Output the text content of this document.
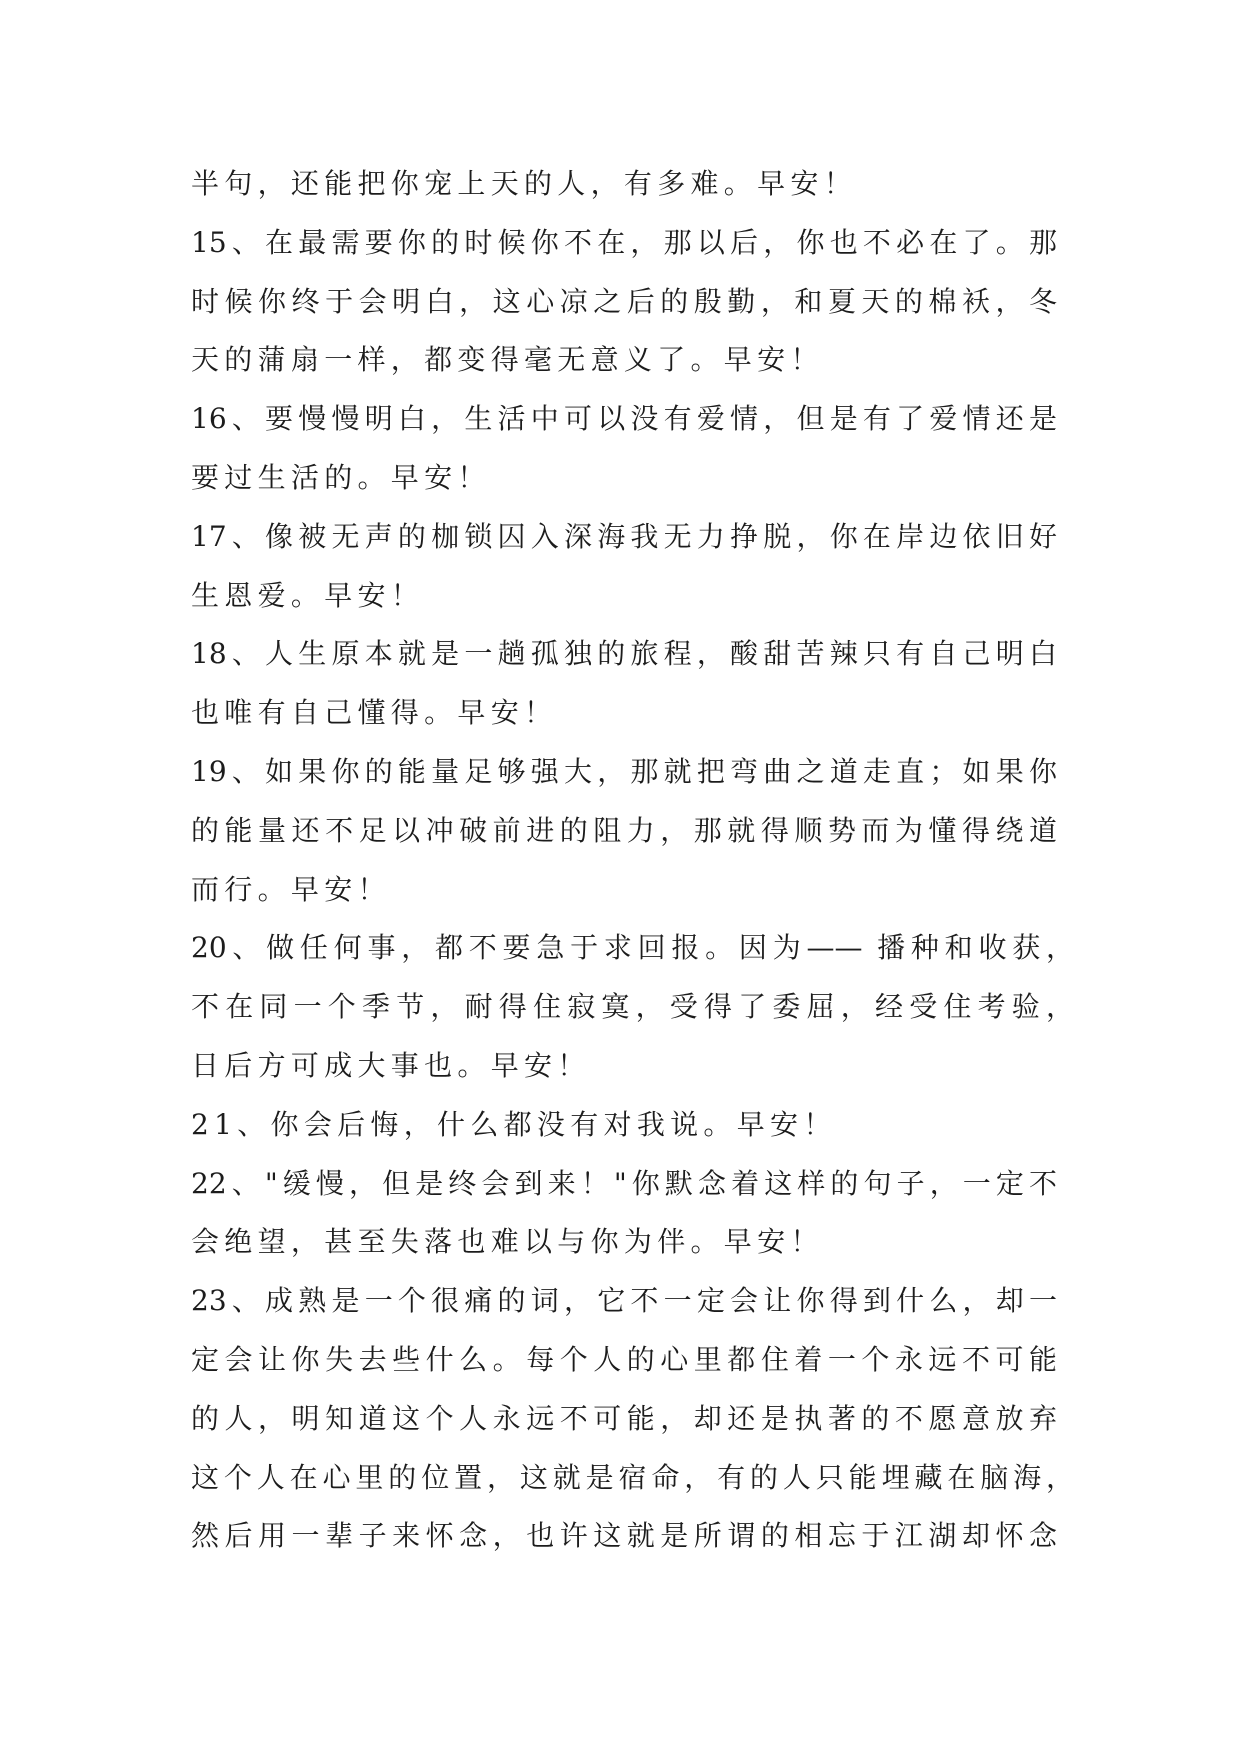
半句，还能把你宠上天的人，有多难。早安！
15、在最需要你的时候你不在，那以后，你也不必在了。那
时候你终于会明白，这心凉之后的殷勤，和夏天的棉袄，冬
天的蒲扇一样，都变得毫无意义了。早安！
16、要慢慢明白，生活中可以没有爱情，但是有了爱情还是
要过生活的。早安！
17、像被无声的枷锁囚入深海我无力挣脱，你在岸边依旧好
生恩爱。早安！
18、人生原本就是一趟孤独的旅程，酸甜苦辣只有自己明白
也唯有自己懂得。早安！
19、如果你的能量足够强大，那就把弯曲之道走直；如果你
的能量还不足以冲破前进的阻力，那就得顺势而为懂得绕道
而行。早安！
20、做任何事，都不要急于求回报。因为—— 播种和收获，
不在同一个季节，耐得住寂寞，受得了委屈，经受住考验，
日后方可成大事也。早安！
21、你会后悔，什么都没有对我说。早安！
22、"缓慢，但是终会到来！"你默念着这样的句子，一定不
会绝望，甚至失落也难以与你为伴。早安！
23、成熟是一个很痛的词，它不一定会让你得到什么，却一
定会让你失去些什么。每个人的心里都住着一个永远不可能
的人，明知道这个人永远不可能，却还是执著的不愿意放弃
这个人在心里的位置，这就是宿命，有的人只能埋藏在脑海，
然后用一辈子来怀念，也许这就是所谓的相忘于江湖却怀念
